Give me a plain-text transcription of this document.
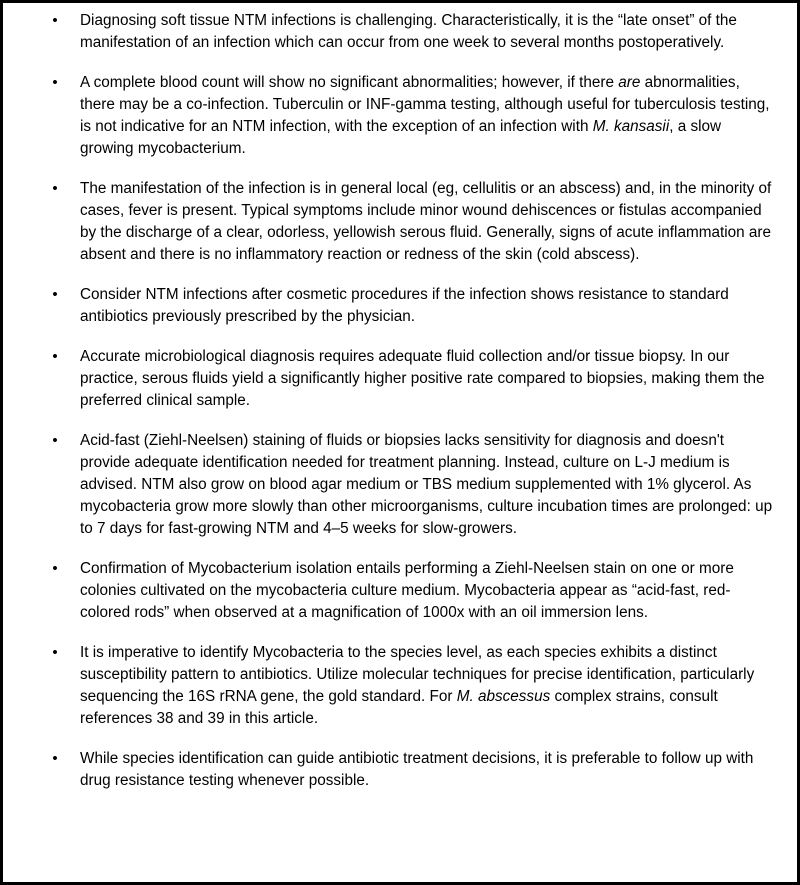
• Diagnosing soft tissue NTM infections is challenging. Characteristically, it is the “late onset” of the manifestation of an infection which can occur from one week to several months postoperatively.
• A complete blood count will show no significant abnormalities; however, if there are abnormalities, there may be a co-infection. Tuberculin or INF-gamma testing, although useful for tuberculosis testing, is not indicative for an NTM infection, with the exception of an infection with M. kansasii, a slow growing mycobacterium.
• The manifestation of the infection is in general local (eg, cellulitis or an abscess) and, in the minority of cases, fever is present. Typical symptoms include minor wound dehiscences or fistulas accompanied by the discharge of a clear, odorless, yellowish serous fluid. Generally, signs of acute inflammation are absent and there is no inflammatory reaction or redness of the skin (cold abscess).
• Consider NTM infections after cosmetic procedures if the infection shows resistance to standard antibiotics previously prescribed by the physician.
• Accurate microbiological diagnosis requires adequate fluid collection and/or tissue biopsy. In our practice, serous fluids yield a significantly higher positive rate compared to biopsies, making them the preferred clinical sample.
• Acid-fast (Ziehl-Neelsen) staining of fluids or biopsies lacks sensitivity for diagnosis and doesn't provide adequate identification needed for treatment planning. Instead, culture on L-J medium is advised. NTM also grow on blood agar medium or TBS medium supplemented with 1% glycerol. As mycobacteria grow more slowly than other microorganisms, culture incubation times are prolonged: up to 7 days for fast-growing NTM and 4–5 weeks for slow-growers.
• Confirmation of Mycobacterium isolation entails performing a Ziehl-Neelsen stain on one or more colonies cultivated on the mycobacteria culture medium. Mycobacteria appear as “acid-fast, red-colored rods” when observed at a magnification of 1000x with an oil immersion lens.
• It is imperative to identify Mycobacteria to the species level, as each species exhibits a distinct susceptibility pattern to antibiotics. Utilize molecular techniques for precise identification, particularly sequencing the 16S rRNA gene, the gold standard. For M. abscessus complex strains, consult references 38 and 39 in this article.
• While species identification can guide antibiotic treatment decisions, it is preferable to follow up with drug resistance testing whenever possible.
